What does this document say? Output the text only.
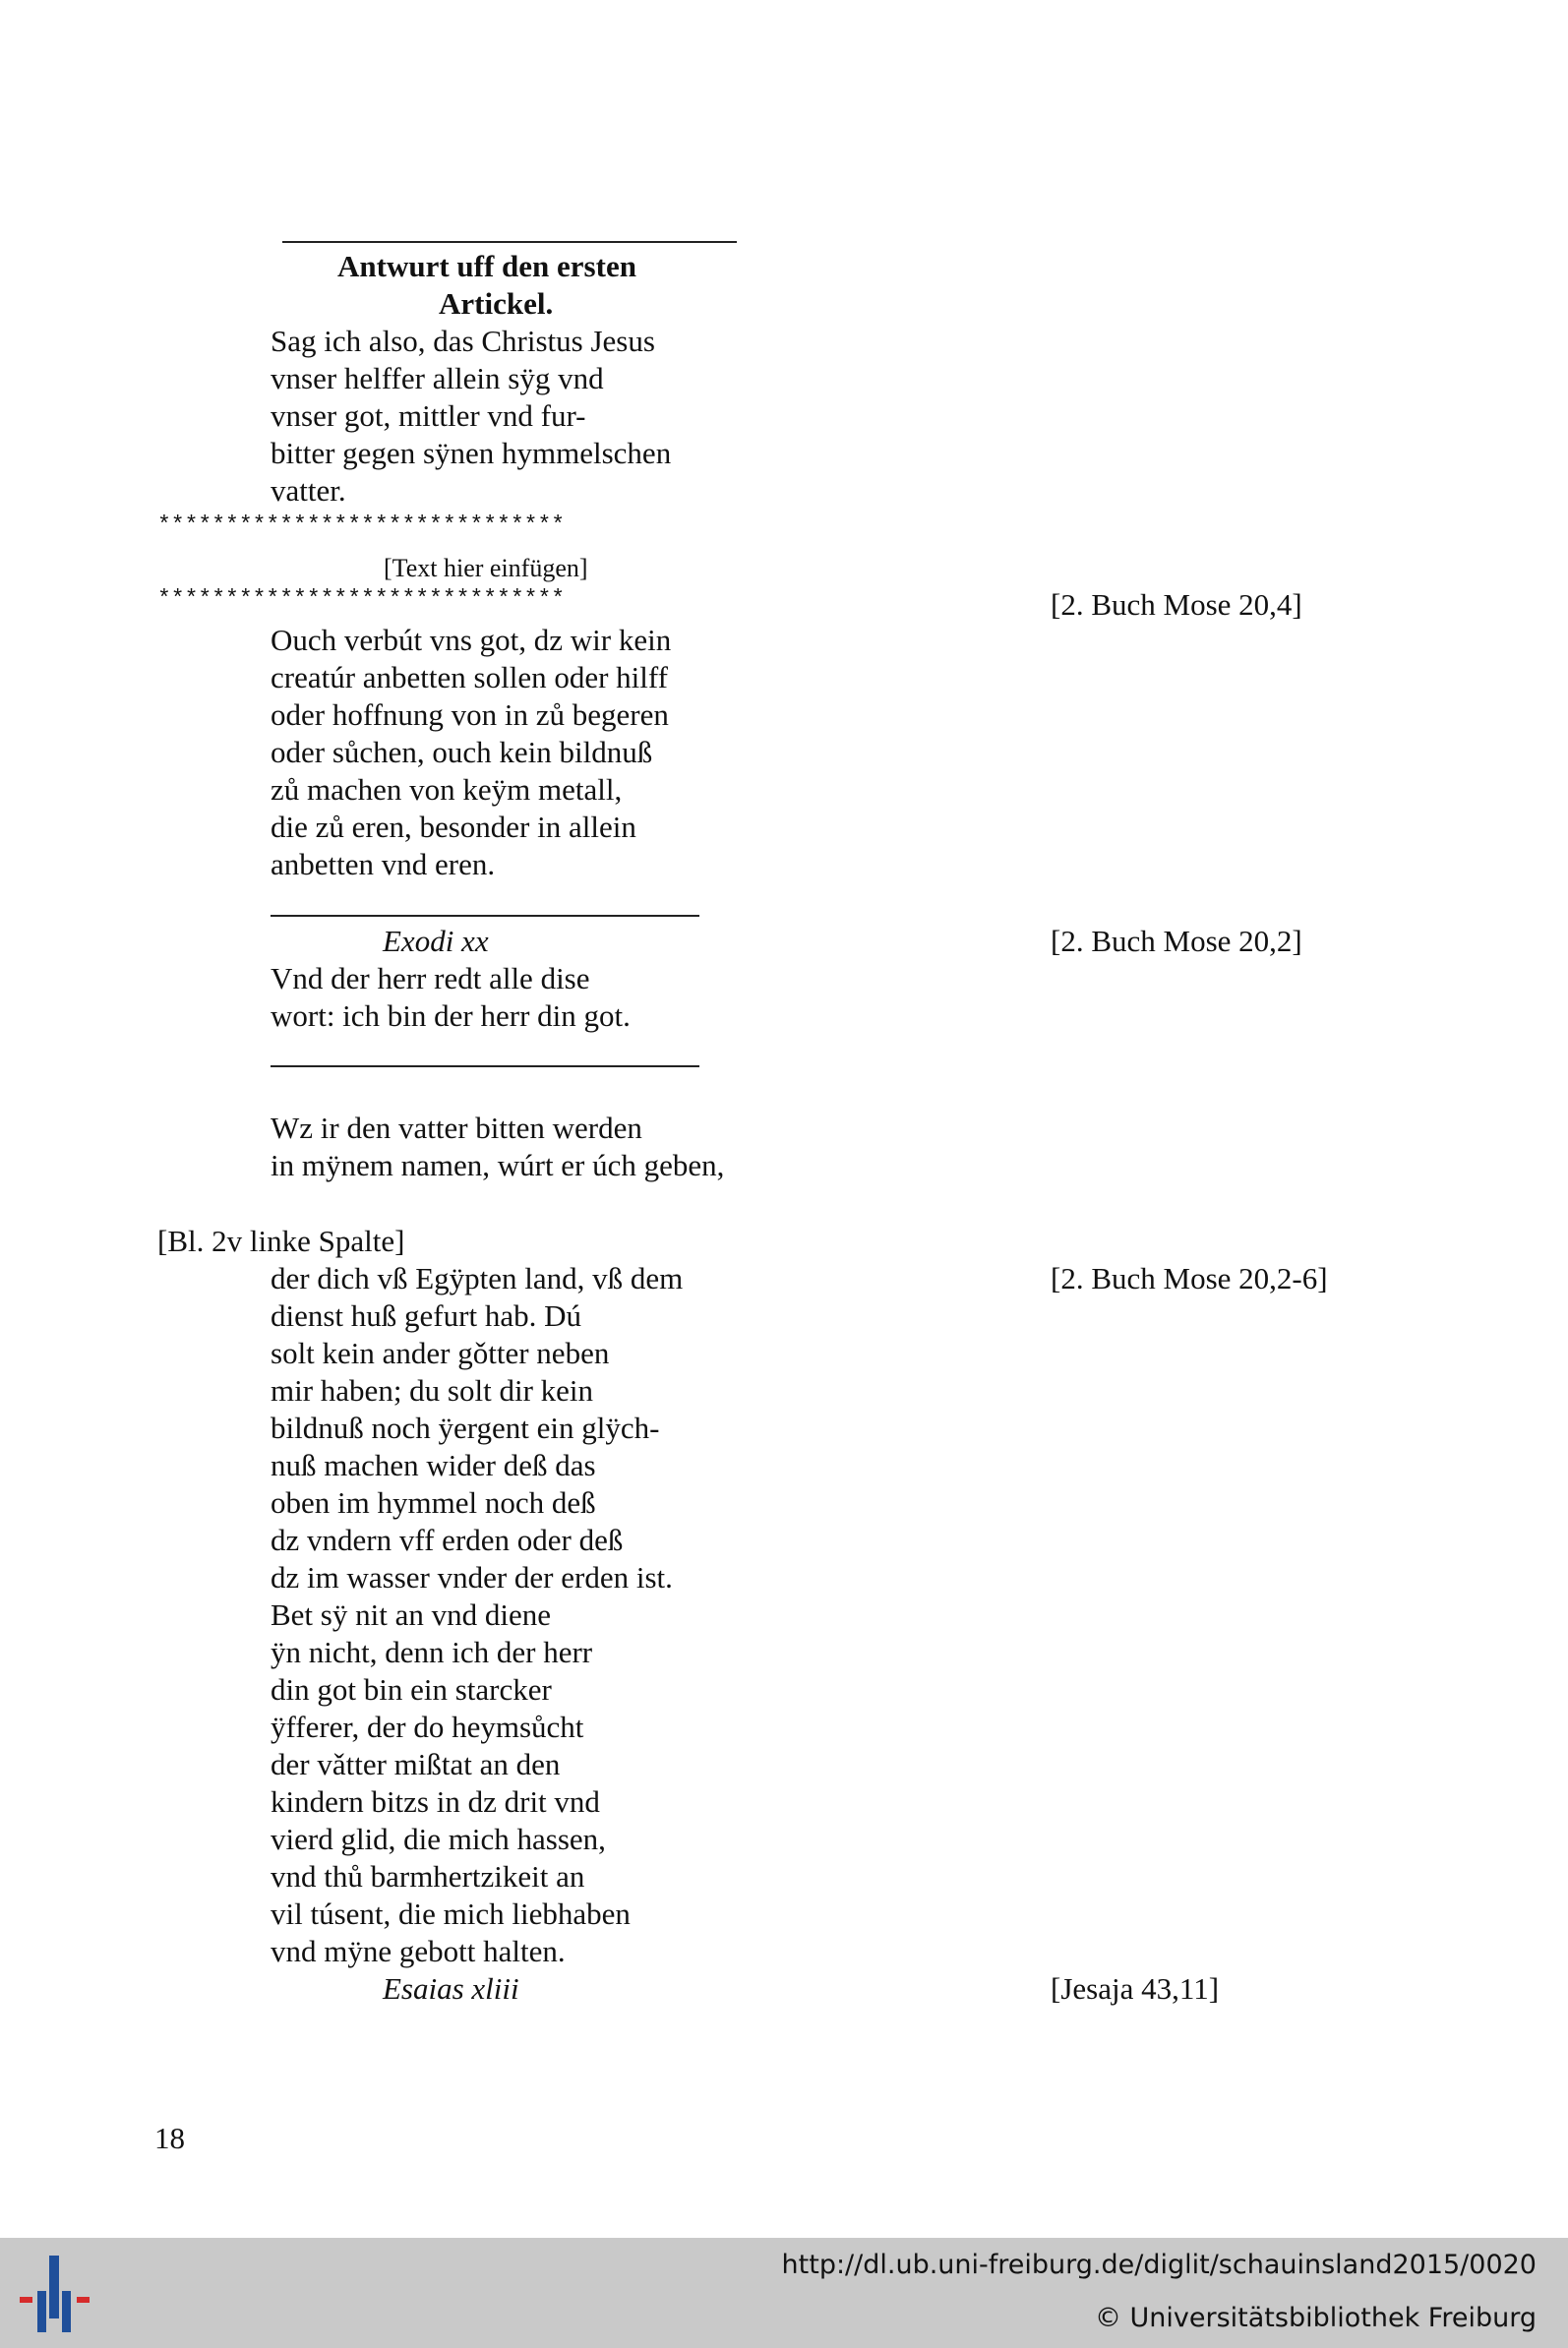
Antwurt uff den ersten
Artickel.
Sag ich also, das Christus Jesus
vnser helffer allein sÿg vnd
vnser got, mittler vnd fur-
bitter gegen sÿnen hymmelschen
vatter.
******************************
[Text hier einfügen]
******************************	[2. Buch Mose 20,4]
Ouch verbút vns got, dz wir kein
creatúr anbetten sollen oder hilff
oder hoffnung von in zů begeren
oder sůchen, ouch kein bildnuß
zů machen von keÿm metall,
die zů eren, besonder in allein
anbetten vnd eren.
Exodi xx	[2. Buch Mose 20,2]
Vnd der herr redt alle dise
wort: ich bin der herr din got.
Wz ir den vatter bitten werden
in mÿnem namen, wúrt er úch geben,
[Bl. 2v linke Spalte]
der dich vß Egÿpten land, vß dem	[2. Buch Mose 20,2-6]
dienst huß gefurt hab. Dú
solt kein ander gǒtter neben
mir haben; du solt dir kein
bildnuß noch ÿergent ein glÿch-
nuß machen wider deß das
oben im hymmel noch deß
dz vndern vff erden oder deß
dz im wasser vnder der erden ist.
Bet sÿ nit an vnd diene
ÿn nicht, denn ich der herr
din got bin ein starcker
ÿfferer, der do heymsůcht
der vǎtter mißtat an den
kindern bitzs in dz drit vnd
vierd glid, die mich hassen,
vnd thů barmhertzikeit an
vil túsent, die mich liebhaben
vnd mÿne gebott halten.
Esaias xliii	[Jesaja 43,11]
18
http://dl.ub.uni-freiburg.de/diglit/schauinsland2015/0020
© Universitätsbibliothek Freiburg
